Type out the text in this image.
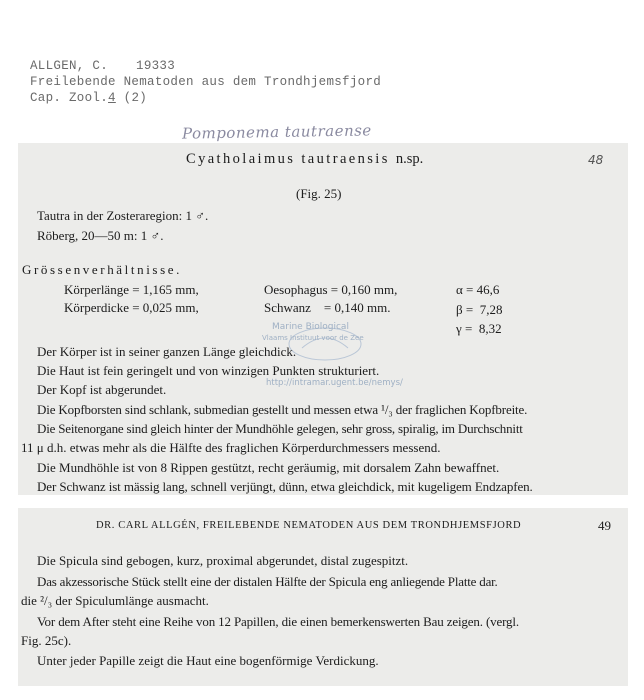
ALLGEN, C. 19333
Freilebende Nematoden aus dem Trondhjemsfjord
Cap. Zool.4 (2)
Pomponema tautraense
Cyatholaimus tautraensis n.sp.	48
(Fig. 25)
Tautra in der Zosteraregion: 1 ♂.
Röberg, 20—50 m: 1 ♂.
Grössenverhältnisse.
Körperlänge = 1,165 mm,
Körperdicke = 0,025 mm,
Oesophagus = 0,160 mm,
Schwanz    = 0,140 mm.
α = 46,6
β =  7,28
γ =  8,32
Marine Biological
Vlaams Instituut voor de Zee
Der Körper ist in seiner ganzen Länge gleichdick.
Die Haut ist fein geringelt und von winzigen Punkten strukturiert.
http://intramar.ugent.be/nemys/
Der Kopf ist abgerundet.
Die Kopfborsten sind schlank, submedian gestellt und messen etwa ¹/₃ der fraglichen Kopfbreite.
Die Seitenorgane sind gleich hinter der Mundhöhle gelegen, sehr gross, spiralig, im Durchschnitt
11 μ d.h. etwas mehr als die Hälfte des fraglichen Körperdurchmessers messend.
Die Mundhöhle ist von 8 Rippen gestützt, recht geräumig, mit dorsalem Zahn bewaffnet.
Der Schwanz ist mässig lang, schnell verjüngt, dünn, etwa gleichdick, mit kugeligem Endzapfen.
DR. CARL ALLGÉN, FREILEBENDE NEMATODEN AUS DEM TRONDHJEMSFJORD	49
Die Spicula sind gebogen, kurz, proximal abgerundet, distal zugespitzt.
Das akzessorische Stück stellt eine der distalen Hälfte der Spicula eng anliegende Platte dar.
die ²/₃ der Spiculumlänge ausmacht.
Vor dem After steht eine Reihe von 12 Papillen, die einen bemerkenswerten Bau zeigen. (vergl.
Fig. 25c).
Unter jeder Papille zeigt die Haut eine bogenförmige Verdickung.
